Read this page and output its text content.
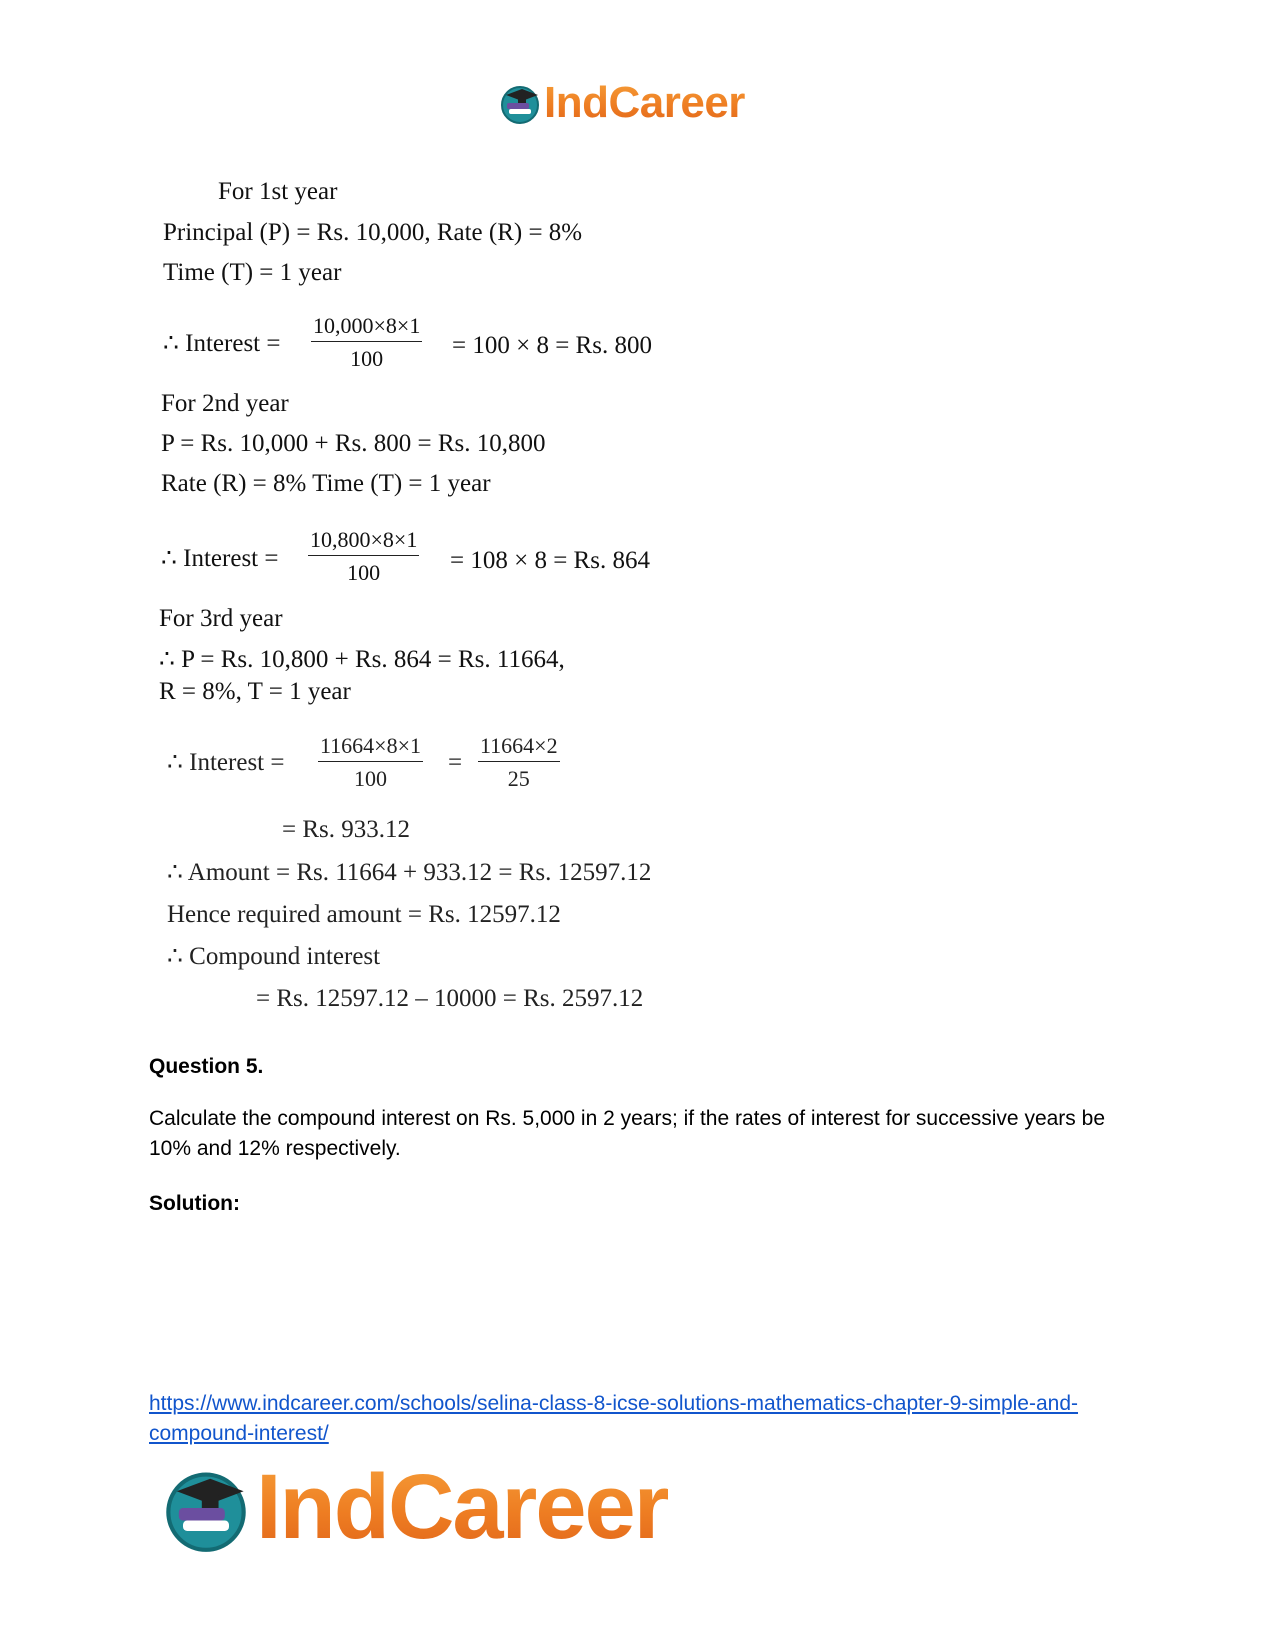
IndCareer
For 1st year
Principal (P) = Rs. 10,000, Rate (R) = 8%
Time (T) = 1 year
∴ Interest = $\frac{10,000\times 8\times 1}{100} = 100 \times 8 = Rs$. 800
For 2nd year
P = Rs. 10,000 + Rs. 800 = Rs. 10,800
Rate (R) = 8% Time (T) = 1 year
∴ Interest = $\frac{10,800\times 8\times 1}{100} = 108 \times 8 = Rs$. 864
For 3rd year
∴ P = Rs. 10,800 + Rs. 864 = Rs. 11664,
R = 8%, T = 1 year
∴ Interest = $\frac{11664\times 8\times 1}{100} = \frac{11664\times 2}{25}$
= Rs. 933.12
∴ Amount = Rs. 11664 + 933.12 = Rs. 12597.12
Hence required amount = Rs. 12597.12
∴ Compound interest
= Rs. 12597.12 – 10000 = Rs. 2597.12
Question 5.
Calculate the compound interest on Rs. 5,000 in 2 years; if the rates of interest for successive years be 10% and 12% respectively.
Solution:
https://www.indcareer.com/schools/selina-class-8-icse-solutions-mathematics-chapter-9-simple-and-compound-interest/
IndCareer
